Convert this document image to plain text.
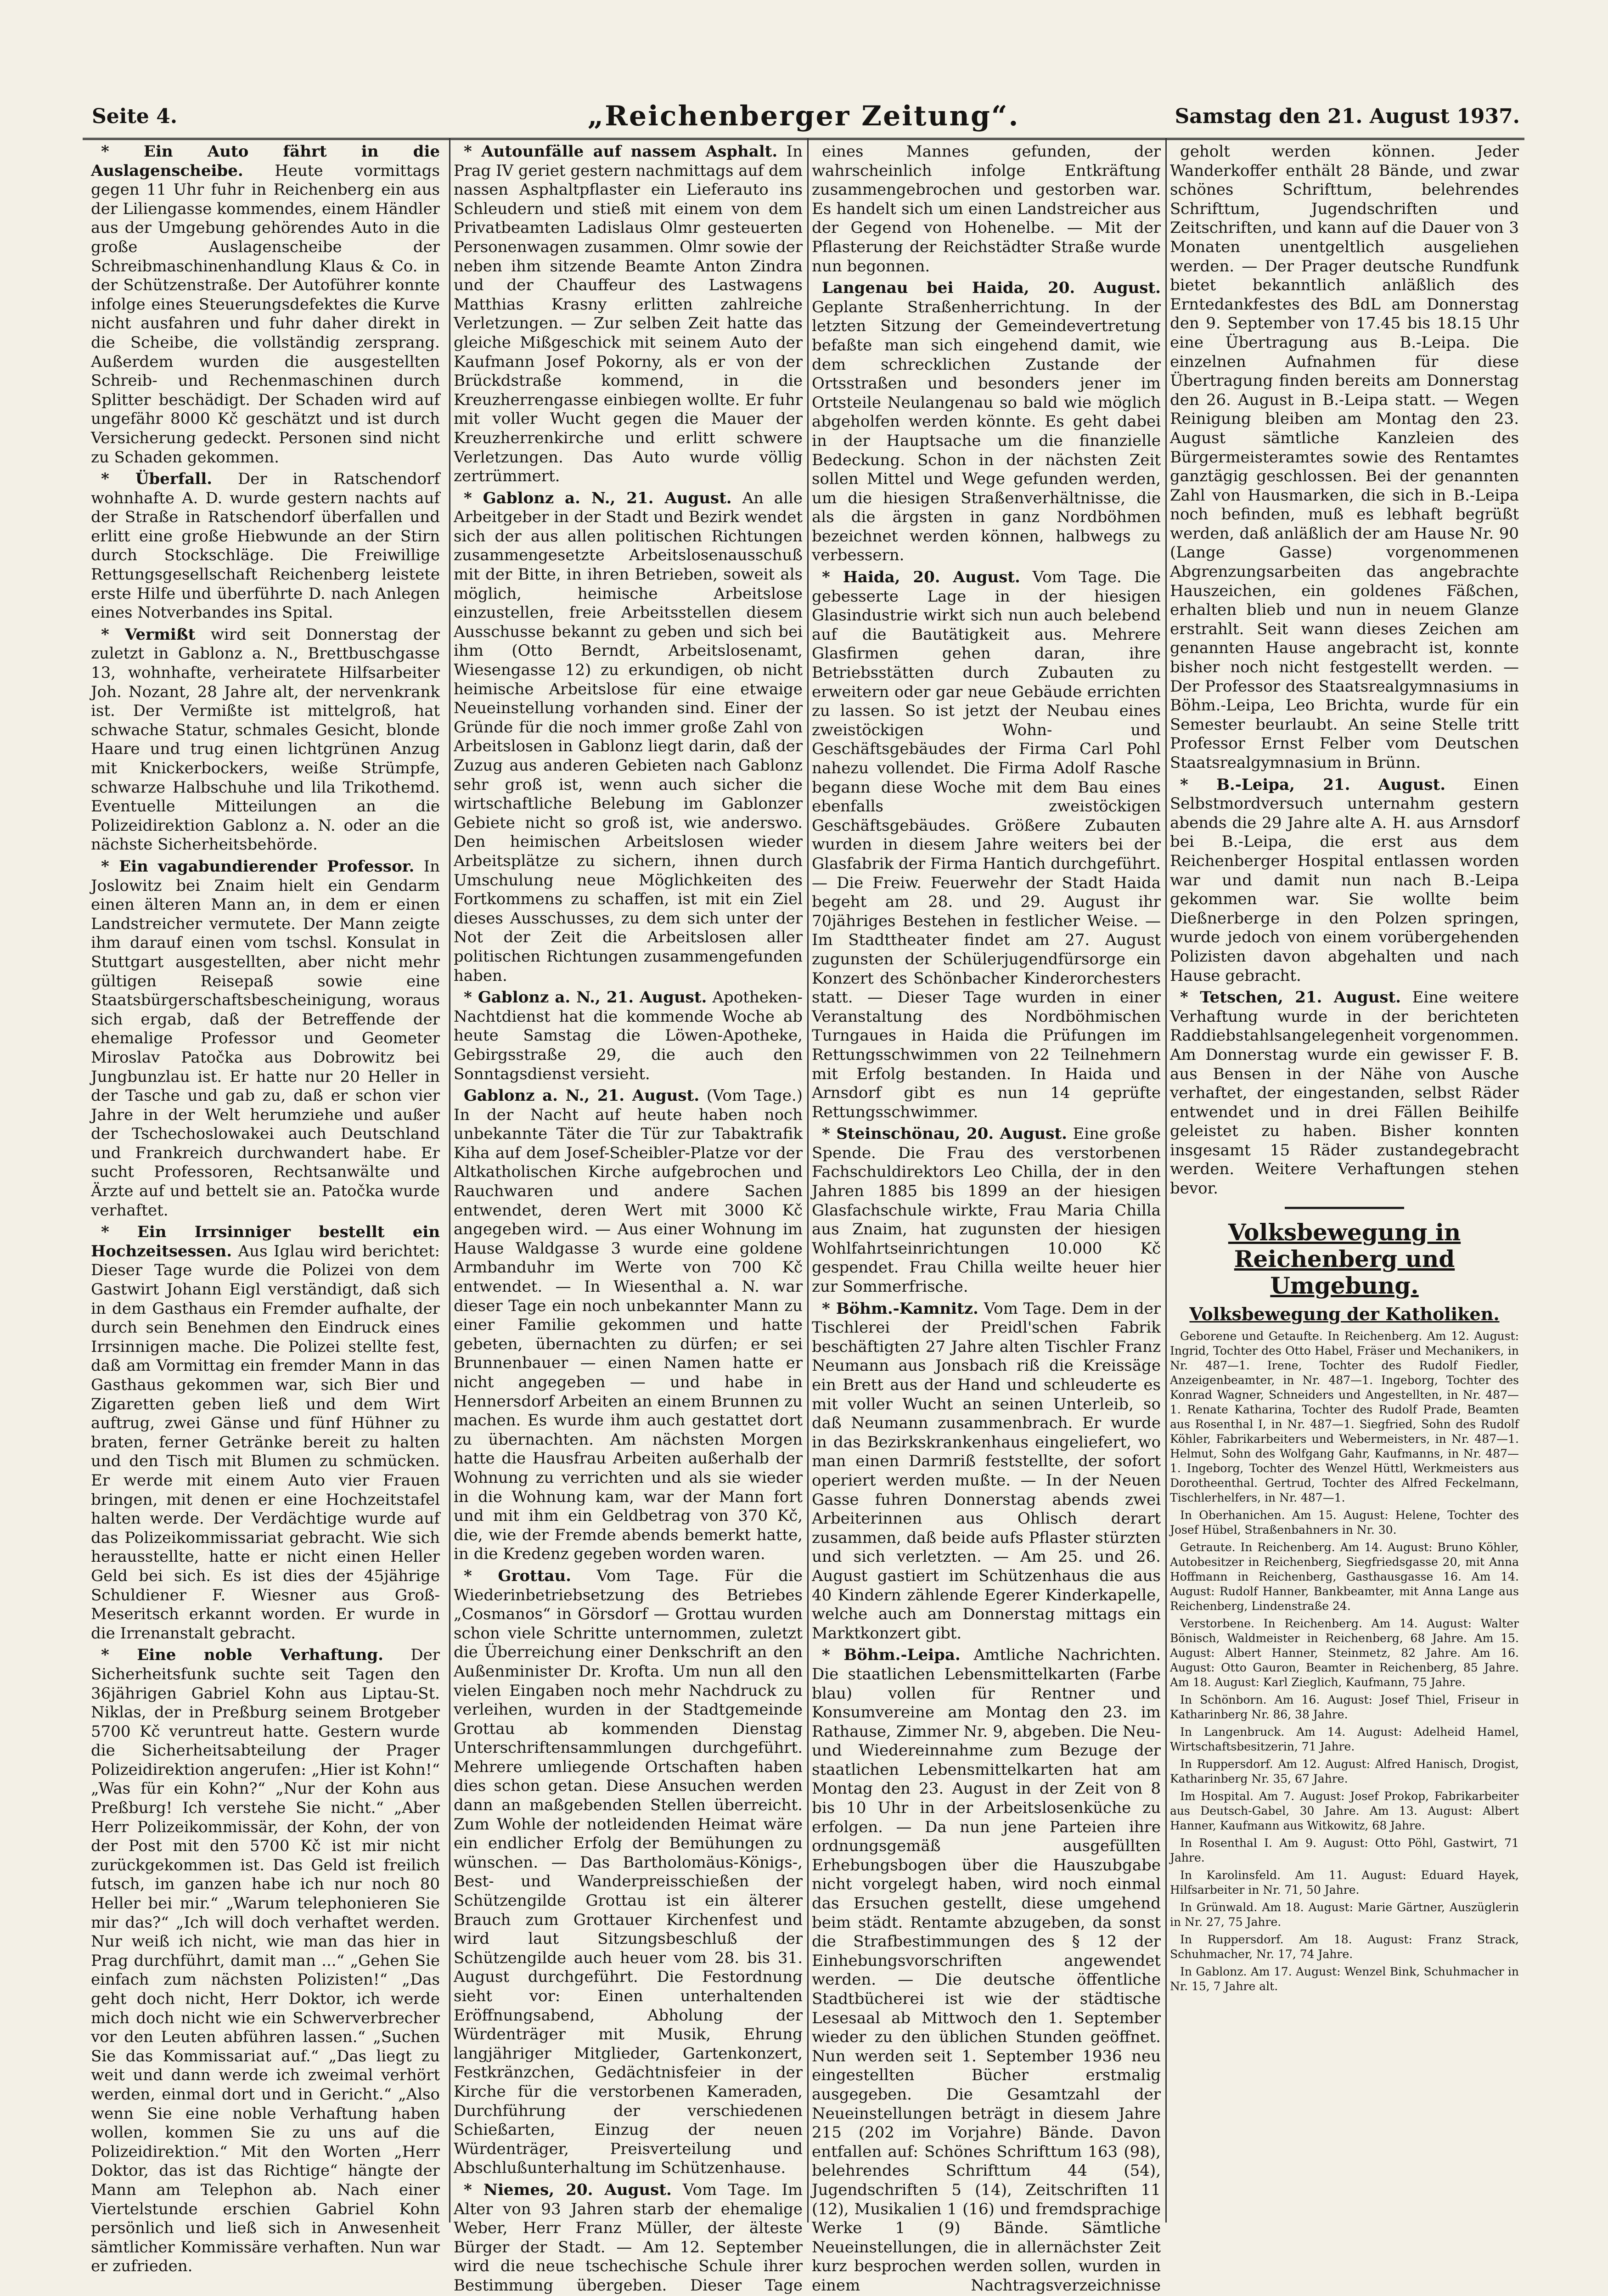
Seite 4.	„Reichenberger Zeitung“.	Samstag den 21. August 1937.

* Ein Auto fährt in die Auslagenscheibe. Heute vormittags gegen 11 Uhr fuhr in Reichenberg ein aus der Liliengasse kommendes, einem Händler aus der Umgebung gehörendes Auto in die große Auslagenscheibe der Schreibmaschinenhandlung Klaus & Co. in der Schützenstraße. Der Autoführer konnte infolge eines Steuerungsdefektes die Kurve nicht ausfahren und fuhr daher direkt in die Scheibe, die vollständig zersprang. Außerdem wurden die ausgestellten Schreib- und Rechenmaschinen durch Splitter beschädigt. Der Schaden wird auf ungefähr 8000 Kč geschätzt und ist durch Versicherung gedeckt. Personen sind nicht zu Schaden gekommen.

* Überfall. Der in Ratschendorf wohnhafte A. D. wurde gestern nachts auf der Straße in Ratschendorf überfallen und erlitt eine große Hiebwunde an der Stirn durch Stockschläge. Die Freiwillige Rettungsgesellschaft Reichenberg leistete erste Hilfe und überführte D. nach Anlegen eines Notverbandes ins Spital.

* Vermißt wird seit Donnerstag der zuletzt in Gablonz a. N., Brettbuschgasse 13, wohnhafte, verheiratete Hilfsarbeiter Joh. Nozant, 28 Jahre alt, der nervenkrank ist. Der Vermißte ist mittelgroß, hat schwache Statur, schmales Gesicht, blonde Haare und trug einen lichtgrünen Anzug mit Knickerbockers, weiße Strümpfe, schwarze Halbschuhe und lila Trikothemd. Eventuelle Mitteilungen an die Polizeidirektion Gablonz a. N. oder an die nächste Sicherheitsbehörde.

* Ein vagabundierender Professor. In Joslowitz bei Znaim hielt ein Gendarm einen älteren Mann an, in dem er einen Landstreicher vermutete. Der Mann zeigte ihm darauf einen vom tschsl. Konsulat in Stuttgart ausgestellten, aber nicht mehr gültigen Reisepaß sowie eine Staatsbürgerschaftsbescheinigung, woraus sich ergab, daß der Betreffende der ehemalige Professor und Geometer Miroslav Patočka aus Dobrowitz bei Jungbunzlau ist. Er hatte nur 20 Heller in der Tasche und gab zu, daß er schon vier Jahre in der Welt herumziehe und außer der Tschechoslowakei auch Deutschland und Frankreich durchwandert habe. Er sucht Professoren, Rechtsanwälte und Ärzte auf und bettelt sie an. Patočka wurde verhaftet.

* Ein Irrsinniger bestellt ein Hochzeitsessen. Aus Iglau wird berichtet: Dieser Tage wurde die Polizei von dem Gastwirt Johann Eigl verständigt, daß sich in dem Gasthaus ein Fremder aufhalte, der durch sein Benehmen den Eindruck eines Irrsinnigen mache. Die Polizei stellte fest, daß am Vormittag ein fremder Mann in das Gasthaus gekommen war, sich Bier und Zigaretten geben ließ und dem Wirt auftrug, zwei Gänse und fünf Hühner zu braten, ferner Getränke bereit zu halten und den Tisch mit Blumen zu schmücken. Er werde mit einem Auto vier Frauen bringen, mit denen er eine Hochzeitstafel halten werde. Der Verdächtige wurde auf das Polizeikommissariat gebracht. Wie sich herausstellte, hatte er nicht einen Heller Geld bei sich. Es ist dies der 45jährige Schuldiener F. Wiesner aus Groß-Meseritsch erkannt worden. Er wurde in die Irrenanstalt gebracht.

* Eine noble Verhaftung. Der Sicherheitsfunk suchte seit Tagen den 36jährigen Gabriel Kohn aus Liptau-St. Niklas, der in Preßburg seinem Brotgeber 5700 Kč veruntreut hatte. Gestern wurde die Sicherheitsabteilung der Prager Polizeidirektion angerufen: „Hier ist Kohn!“ „Was für ein Kohn?“ „Nur der Kohn aus Preßburg! Ich verstehe Sie nicht.“ „Aber Herr Polizeikommissär, der Kohn, der von der Post mit den 5700 Kč ist mir nicht zurückgekommen ist. Das Geld ist freilich futsch, im ganzen habe ich nur noch 80 Heller bei mir.“ „Warum telephonieren Sie mir das?“ „Ich will doch verhaftet werden. Nur weiß ich nicht, wie man das hier in Prag durchführt, damit man ...“ „Gehen Sie einfach zum nächsten Polizisten!“ „Das geht doch nicht, Herr Doktor, ich werde mich doch nicht wie ein Schwerverbrecher vor den Leuten abführen lassen.“ „Suchen Sie das Kommissariat auf.“ „Das liegt zu weit und dann werde ich zweimal verhört werden, einmal dort und in Gericht.“ „Also wenn Sie eine noble Verhaftung haben wollen, kommen Sie zu uns auf die Polizeidirektion.“ Mit den Worten „Herr Doktor, das ist das Richtige“ hängte der Mann am Telephon ab. Nach einer Viertelstunde erschien Gabriel Kohn persönlich und ließ sich in Anwesenheit sämtlicher Kommissäre verhaften. Nun war er zufrieden.

* Autounfälle auf nassem Asphalt. In Prag IV geriet gestern nachmittags auf dem nassen Asphaltpflaster ein Lieferauto ins Schleudern und stieß mit einem von dem Privatbeamten Ladislaus Olmr gesteuerten Personenwagen zusammen. Olmr sowie der neben ihm sitzende Beamte Anton Zindra und der Chauffeur des Lastwagens Matthias Krasny erlitten zahlreiche Verletzungen. — Zur selben Zeit hatte das gleiche Mißgeschick mit seinem Auto der Kaufmann Josef Pokorny, als er von der Brückdstraße kommend, in die Kreuzherrengasse einbiegen wollte. Er fuhr mit voller Wucht gegen die Mauer der Kreuzherrenkirche und erlitt schwere Verletzungen. Das Auto wurde völlig zertrümmert.

* Gablonz a. N., 21. August. An alle Arbeitgeber in der Stadt und Bezirk wendet sich der aus allen politischen Richtungen zusammengesetzte Arbeitslosenausschuß mit der Bitte, in ihren Betrieben, soweit als möglich, heimische Arbeitslose einzustellen, freie Arbeitsstellen diesem Ausschusse bekannt zu geben und sich bei ihm (Otto Berndt, Arbeitslosenamt, Wiesengasse 12) zu erkundigen, ob nicht heimische Arbeitslose für eine etwaige Neueinstellung vorhanden sind. Einer der Gründe für die noch immer große Zahl von Arbeitslosen in Gablonz liegt darin, daß der Zuzug aus anderen Gebieten nach Gablonz sehr groß ist, wenn auch sicher die wirtschaftliche Belebung im Gablonzer Gebiete nicht so groß ist, wie anderswo. Den heimischen Arbeitslosen wieder Arbeitsplätze zu sichern, ihnen durch Umschulung neue Möglichkeiten des Fortkommens zu schaffen, ist mit ein Ziel dieses Ausschusses, zu dem sich unter der Not der Zeit die Arbeitslosen aller politischen Richtungen zusammengefunden haben.

* Gablonz a. N., 21. August. Apotheken-Nachtdienst hat die kommende Woche ab heute Samstag die Löwen-Apotheke, Gebirgsstraße 29, die auch den Sonntagsdienst versieht.

Gablonz a. N., 21. August. (Vom Tage.) In der Nacht auf heute haben noch unbekannte Täter die Tür zur Tabaktrafik Kiha auf dem Josef-Scheibler-Platze vor der Altkatholischen Kirche aufgebrochen und Rauchwaren und andere Sachen entwendet, deren Wert mit 3000 Kč angegeben wird. — Aus einer Wohnung im Hause Waldgasse 3 wurde eine goldene Armbanduhr im Werte von 700 Kč entwendet. — In Wiesenthal a. N. war dieser Tage ein noch unbekannter Mann zu einer Familie gekommen und hatte gebeten, übernachten zu dürfen; er sei Brunnenbauer — einen Namen hatte er nicht angegeben — und habe in Hennersdorf Arbeiten an einem Brunnen zu machen. Es wurde ihm auch gestattet dort zu übernachten. Am nächsten Morgen hatte die Hausfrau Arbeiten außerhalb der Wohnung zu verrichten und als sie wieder in die Wohnung kam, war der Mann fort und mit ihm ein Geldbetrag von 370 Kč, die, wie der Fremde abends bemerkt hatte, in die Kredenz gegeben worden waren.

* Grottau. Vom Tage. Für die Wiederinbetriebsetzung des Betriebes „Cosmanos“ in Görsdorf — Grottau wurden schon viele Schritte unternommen, zuletzt die Überreichung einer Denkschrift an den Außenminister Dr. Krofta. Um nun all den vielen Eingaben noch mehr Nachdruck zu verleihen, wurden in der Stadtgemeinde Grottau ab kommenden Dienstag Unterschriftensammlungen durchgeführt. Mehrere umliegende Ortschaften haben dies schon getan. Diese Ansuchen werden dann an maßgebenden Stellen überreicht. Zum Wohle der notleidenden Heimat wäre ein endlicher Erfolg der Bemühungen zu wünschen. — Das Bartholomäus-Königs-, Best- und Wanderpreisschießen der Schützengilde Grottau ist ein älterer Brauch zum Grottauer Kirchenfest und wird laut Sitzungsbeschluß der Schützengilde auch heuer vom 28. bis 31. August durchgeführt. Die Festordnung sieht vor: Einen unterhaltenden Eröffnungsabend, Abholung der Würdenträger mit Musik, Ehrung langjähriger Mitglieder, Gartenkonzert, Festkränzchen, Gedächtnisfeier in der Kirche für die verstorbenen Kameraden, Durchführung der verschiedenen Schießarten, Einzug der neuen Würdenträger, Preisverteilung und Abschlußunterhaltung im Schützenhause.

* Niemes, 20. August. Vom Tage. Im Alter von 93 Jahren starb der ehemalige Weber, Herr Franz Müller, der älteste Bürger der Stadt. — Am 12. September wird die neue tschechische Schule ihrer Bestimmung übergeben. Dieser Tage

eines Mannes gefunden, der wahrscheinlich infolge Entkräftung zusammengebrochen und gestorben war. Es handelt sich um einen Landstreicher aus der Gegend von Hohenelbe. — Mit der Pflasterung der Reichstädter Straße wurde nun begonnen.

Langenau bei Haida, 20. August. Geplante Straßenherrichtung. In der letzten Sitzung der Gemeindevertretung befaßte man sich eingehend damit, wie dem schrecklichen Zustande der Ortsstraßen und besonders jener im Ortsteile Neulangenau so bald wie möglich abgeholfen werden könnte. Es geht dabei in der Hauptsache um die finanzielle Bedeckung. Schon in der nächsten Zeit sollen Mittel und Wege gefunden werden, um die hiesigen Straßenverhältnisse, die als die ärgsten in ganz Nordböhmen bezeichnet werden können, halbwegs zu verbessern.

* Haida, 20. August. Vom Tage. Die gebesserte Lage in der hiesigen Glasindustrie wirkt sich nun auch belebend auf die Bautätigkeit aus. Mehrere Glasfirmen gehen daran, ihre Betriebsstätten durch Zubauten zu erweitern oder gar neue Gebäude errichten zu lassen. So ist jetzt der Neubau eines zweistöckigen Wohn- und Geschäftsgebäudes der Firma Carl Pohl nahezu vollendet. Die Firma Adolf Rasche begann diese Woche mit dem Bau eines ebenfalls zweistöckigen Geschäftsgebäudes. Größere Zubauten wurden in diesem Jahre weiters bei der Glasfabrik der Firma Hantich durchgeführt. — Die Freiw. Feuerwehr der Stadt Haida begeht am 28. und 29. August ihr 70jähriges Bestehen in festlicher Weise. — Im Stadttheater findet am 27. August zugunsten der Schülerjugendfürsorge ein Konzert des Schönbacher Kinderorchesters statt. — Dieser Tage wurden in einer Veranstaltung des Nordböhmischen Turngaues in Haida die Prüfungen im Rettungsschwimmen von 22 Teilnehmern mit Erfolg bestanden. In Haida und Arnsdorf gibt es nun 14 geprüfte Rettungsschwimmer.

* Steinschönau, 20. August. Eine große Spende. Die Frau des verstorbenen Fachschuldirektors Leo Chilla, der in den Jahren 1885 bis 1899 an der hiesigen Glasfachschule wirkte, Frau Maria Chilla aus Znaim, hat zugunsten der hiesigen Wohlfahrtseinrichtungen 10.000 Kč gespendet. Frau Chilla weilte heuer hier zur Sommerfrische.

* Böhm.-Kamnitz. Vom Tage. Dem in der Tischlerei der Preidl'schen Fabrik beschäftigten 27 Jahre alten Tischler Franz Neumann aus Jonsbach riß die Kreissäge ein Brett aus der Hand und schleuderte es mit voller Wucht an seinen Unterleib, so daß Neumann zusammenbrach. Er wurde in das Bezirkskrankenhaus eingeliefert, wo man einen Darmriß feststellte, der sofort operiert werden mußte. — In der Neuen Gasse fuhren Donnerstag abends zwei Arbeiterinnen aus Ohlisch derart zusammen, daß beide aufs Pflaster stürzten und sich verletzten. — Am 25. und 26. August gastiert im Schützenhaus die aus 40 Kindern zählende Egerer Kinderkapelle, welche auch am Donnerstag mittags ein Marktkonzert gibt.

* Böhm.-Leipa. Amtliche Nachrichten. Die staatlichen Lebensmittelkarten (Farbe blau) vollen für Rentner und Konsumvereine am Montag den 23. im Rathause, Zimmer Nr. 9, abgeben. Die Neu- und Wiedereinnahme zum Bezuge der staatlichen Lebensmittelkarten hat am Montag den 23. August in der Zeit von 8 bis 10 Uhr in der Arbeitslosenküche zu erfolgen. — Da nun jene Parteien ihre ordnungsgemäß ausgefüllten Erhebungsbogen über die Hauszubgabe nicht vorgelegt haben, wird noch einmal das Ersuchen gestellt, diese umgehend beim städt. Rentamte abzugeben, da sonst die Strafbestimmungen des § 12 der Einhebungsvorschriften angewendet werden. — Die deutsche öffentliche Stadtbücherei ist wie der städtische Lesesaal ab Mittwoch den 1. September wieder zu den üblichen Stunden geöffnet. Nun werden seit 1. September 1936 neu eingestellten Bücher erstmalig ausgegeben. Die Gesamtzahl der Neueinstellungen beträgt in diesem Jahre 215 (202 im Vorjahre) Bände. Davon entfallen auf: Schönes Schrifttum 163 (98), belehrendes Schrifttum 44 (54), Jugendschriften 5 (14), Zeitschriften 11 (12), Musikalien 1 (16) und fremdsprachige Werke 1 (9) Bände. Sämtliche Neueinstellungen, die in allernächster Zeit kurz besprochen werden sollen, wurden in einem Nachtragsverzeichnisse

geholt werden können. Jeder Wanderkoffer enthält 28 Bände, und zwar schönes Schrifttum, belehrendes Schrifttum, Jugendschriften und Zeitschriften, und kann auf die Dauer von 3 Monaten unentgeltlich ausgeliehen werden. — Der Prager deutsche Rundfunk bietet bekanntlich anläßlich des Erntedankfestes des BdL am Donnerstag den 9. September von 17.45 bis 18.15 Uhr eine Übertragung aus B.-Leipa. Die einzelnen Aufnahmen für diese Übertragung finden bereits am Donnerstag den 26. August in B.-Leipa statt. — Wegen Reinigung bleiben am Montag den 23. August sämtliche Kanzleien des Bürgermeisteramtes sowie des Rentamtes ganztägig geschlossen. Bei der genannten Zahl von Hausmarken, die sich in B.-Leipa noch befinden, muß es lebhaft begrüßt werden, daß anläßlich der am Hause Nr. 90 (Lange Gasse) vorgenommenen Abgrenzungsarbeiten das angebrachte Hauszeichen, ein goldenes Fäßchen, erhalten blieb und nun in neuem Glanze erstrahlt. Seit wann dieses Zeichen am genannten Hause angebracht ist, konnte bisher noch nicht festgestellt werden. — Der Professor des Staatsrealgymnasiums in Böhm.-Leipa, Leo Brichta, wurde für ein Semester beurlaubt. An seine Stelle tritt Professor Ernst Felber vom Deutschen Staatsrealgymnasium in Brünn.

* B.-Leipa, 21. August. Einen Selbstmordversuch unternahm gestern abends die 29 Jahre alte A. H. aus Arnsdorf bei B.-Leipa, die erst aus dem Reichenberger Hospital entlassen worden war und damit nun nach B.-Leipa gekommen war. Sie wollte beim Dießnerberge in den Polzen springen, wurde jedoch von einem vorübergehenden Polizisten davon abgehalten und nach Hause gebracht.

* Tetschen, 21. August. Eine weitere Verhaftung wurde in der berichteten Raddiebstahlsangelegenheit vorgenommen. Am Donnerstag wurde ein gewisser F. B. aus Bensen in der Nähe von Ausche verhaftet, der eingestanden, selbst Räder entwendet und in drei Fällen Beihilfe geleistet zu haben. Bisher konnten insgesamt 15 Räder zustandegebracht werden. Weitere Verhaftungen stehen bevor.

Volksbewegung in Reichenberg und Umgebung.
Volksbewegung der Katholiken.

Geborene und Getaufte. In Reichenberg. Am 12. August: Ingrid, Tochter des Otto Habel, Fräser und Mechanikers, in Nr. 487—1. Irene, Tochter des Rudolf Fiedler, Anzeigenbeamter, in Nr. 487—1. Ingeborg, Tochter des Konrad Wagner, Schneiders und Angestellten, in Nr. 487—1. Renate Katharina, Tochter des Rudolf Prade, Beamten aus Rosenthal I, in Nr. 487—1. Siegfried, Sohn des Rudolf Köhler, Fabrikarbeiters und Webermeisters, in Nr. 487—1. Helmut, Sohn des Wolfgang Gahr, Kaufmanns, in Nr. 487—1. Ingeborg, Tochter des Wenzel Hüttl, Werkmeisters aus Dorotheenthal. Gertrud, Tochter des Alfred Feckelmann, Tischlerhelfers, in Nr. 487—1.

In Oberhanichen. Am 15. August: Helene, Tochter des Josef Hübel, Straßenbahners in Nr. 30.

Getraute. In Reichenberg. Am 14. August: Bruno Köhler, Autobesitzer in Reichenberg, Siegfriedsgasse 20, mit Anna Hoffmann in Reichenberg, Gasthausgasse 16. Am 14. August: Rudolf Hanner, Bankbeamter, mit Anna Lange aus Reichenberg, Lindenstraße 24.

Verstorbene. In Reichenberg. Am 14. August: Walter Bönisch, Waldmeister in Reichenberg, 68 Jahre. Am 15. August: Albert Hanner, Steinmetz, 82 Jahre. Am 16. August: Otto Gauron, Beamter in Reichenberg, 85 Jahre. Am 18. August: Karl Zieglich, Kaufmann, 75 Jahre.

In Schönborn. Am 16. August: Josef Thiel, Friseur in Katharinberg Nr. 86, 38 Jahre.

In Langenbruck. Am 14. August: Adelheid Hamel, Wirtschaftsbesitzerin, 71 Jahre.

In Ruppersdorf. Am 12. August: Alfred Hanisch, Drogist, Katharinberg Nr. 35, 67 Jahre.

Im Hospital. Am 7. August: Josef Prokop, Fabrikarbeiter aus Deutsch-Gabel, 30 Jahre. Am 13. August: Albert Hanner, Kaufmann aus Witkowitz, 68 Jahre.

In Rosenthal I. Am 9. August: Otto Pöhl, Gastwirt, 71 Jahre.

In Karolinsfeld. Am 11. August: Eduard Hayek, Hilfsarbeiter in Nr. 71, 50 Jahre.

In Grünwald. Am 18. August: Marie Gärtner, Auszüglerin in Nr. 27, 75 Jahre.

In Ruppersdorf. Am 18. August: Franz Strack, Schuhmacher, Nr. 17, 74 Jahre.

In Gablonz. Am 17. August: Wenzel Bink, Schuhmacher in Nr. 15, 7 Jahre alt.
